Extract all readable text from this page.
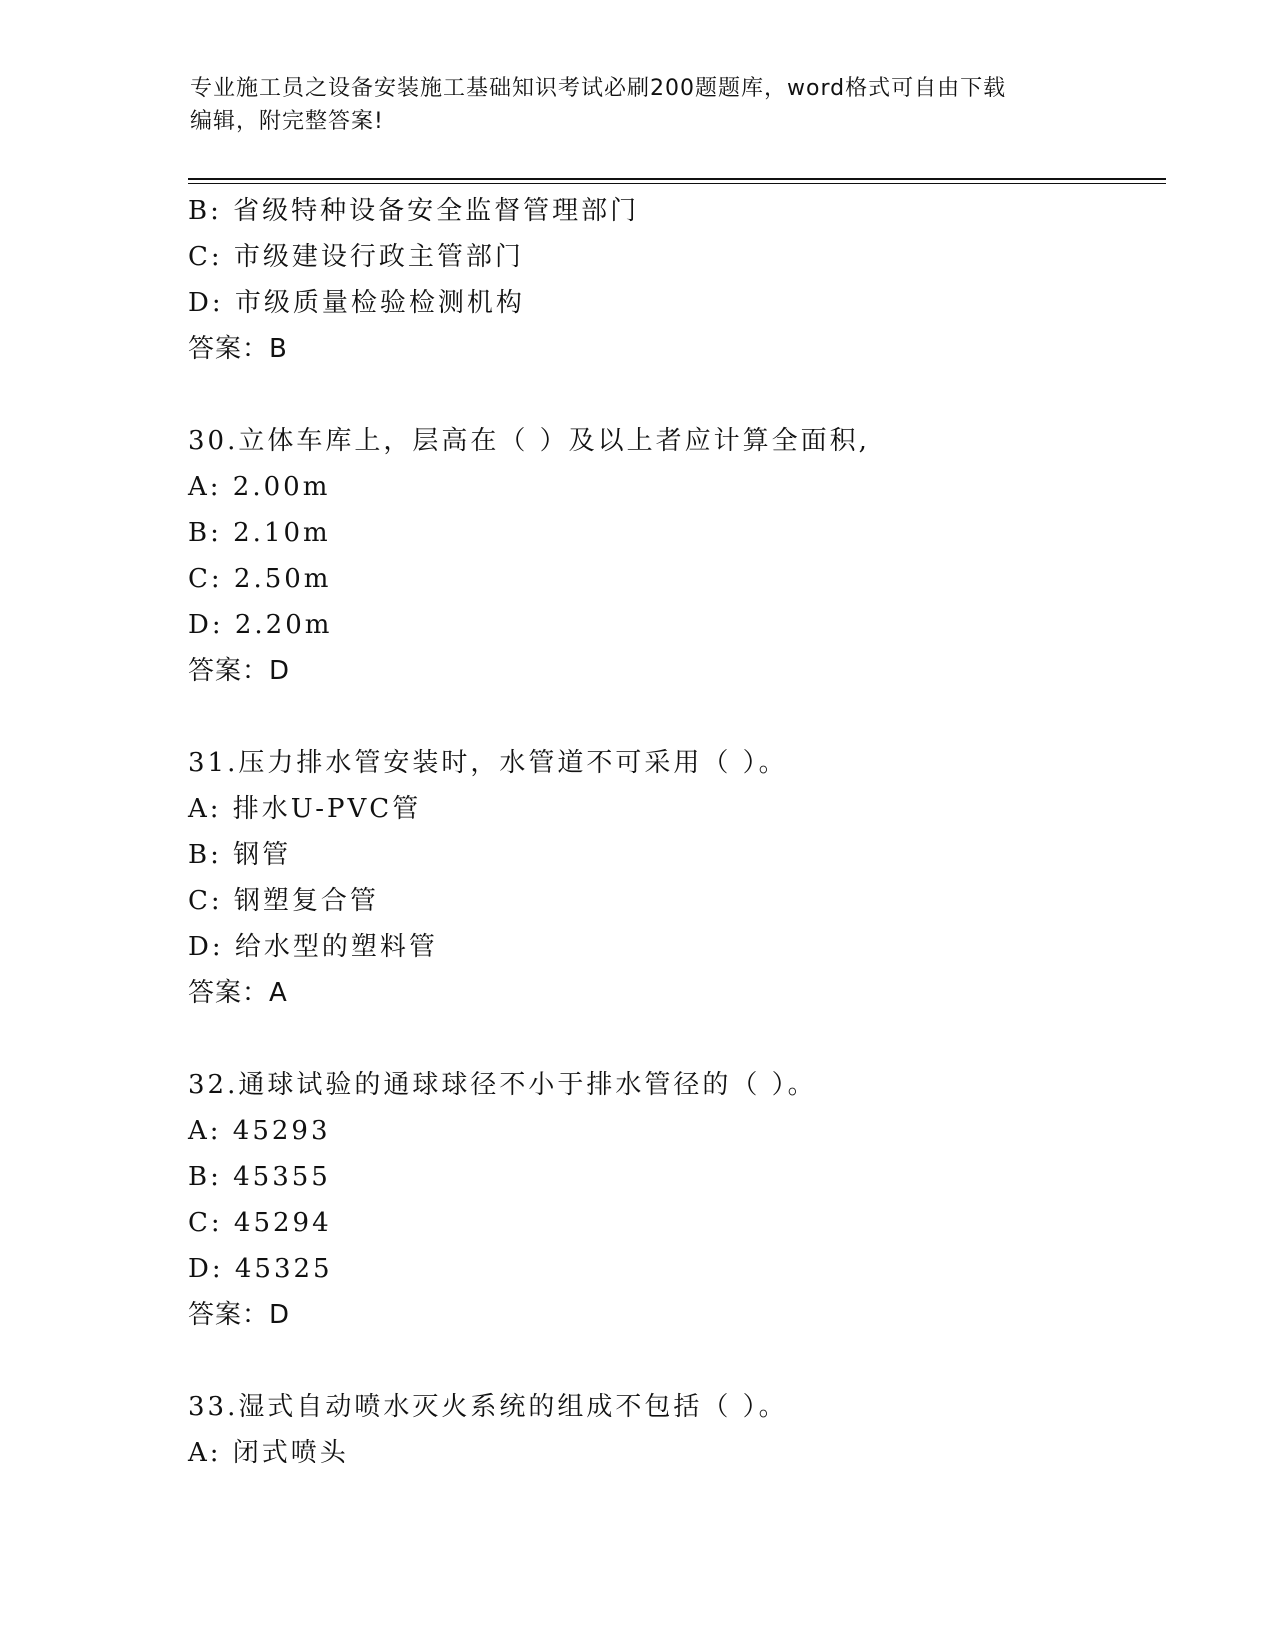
专业施工员之设备安装施工基础知识考试必刷200题题库，word格式可自由下载
编辑，附完整答案!
B: 省级特种设备安全监督管理部门
C: 市级建设行政主管部门
D: 市级质量检验检测机构
答案：B
30.立体车库上，层高在（ ）及以上者应计算全面积,
A: 2.00m
B: 2.10m
C: 2.50m
D: 2.20m
答案：D
31.压力排水管安装时，水管道不可采用（ ）。
A: 排水U-PVC管
B: 钢管
C: 钢塑复合管
D: 给水型的塑料管
答案：A
32.通球试验的通球球径不小于排水管径的（ ）。
A: 45293
B: 45355
C: 45294
D: 45325
答案：D
33.湿式自动喷水灭火系统的组成不包括（ ）。
A: 闭式喷头
